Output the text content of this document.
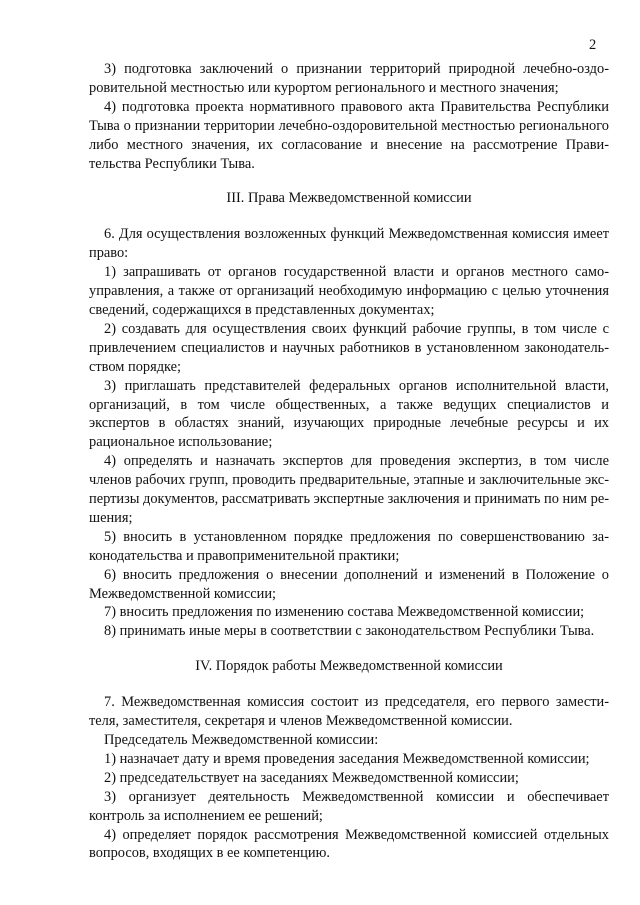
2

3) подготовка заключений о признании территорий природной лечебно-оздоровительной местностью или курортом регионального и местного значения;

4) подготовка проекта нормативного правового акта Правительства Республики Тыва о признании территории лечебно-оздоровительной местностью регионального либо местного значения, их согласование и внесение на рассмотрение Правительства Республики Тыва.

III. Права Межведомственной комиссии

6. Для осуществления возложенных функций Межведомственная комиссия имеет право:

1) запрашивать от органов государственной власти и органов местного самоуправления, а также от организаций необходимую информацию с целью уточнения сведений, содержащихся в представленных документах;

2) создавать для осуществления своих функций рабочие группы, в том числе с привлечением специалистов и научных работников в установленном законодательством порядке;

3) приглашать представителей федеральных органов исполнительной власти, организаций, в том числе общественных, а также ведущих специалистов и экспертов в областях знаний, изучающих природные лечебные ресурсы и их рациональное использование;

4) определять и назначать экспертов для проведения экспертиз, в том числе членов рабочих групп, проводить предварительные, этапные и заключительные экспертизы документов, рассматривать экспертные заключения и принимать по ним решения;

5) вносить в установленном порядке предложения по совершенствованию законодательства и правоприменительной практики;

6) вносить предложения о внесении дополнений и изменений в Положение о Межведомственной комиссии;

7) вносить предложения по изменению состава Межведомственной комиссии;

8) принимать иные меры в соответствии с законодательством Республики Тыва.

IV. Порядок работы Межведомственной комиссии

7. Межведомственная комиссия состоит из председателя, его первого заместителя, заместителя, секретаря и членов Межведомственной комиссии.

Председатель Межведомственной комиссии:

1) назначает дату и время проведения заседания Межведомственной комиссии;

2) председательствует на заседаниях Межведомственной комиссии;

3) организует деятельность Межведомственной комиссии и обеспечивает контроль за исполнением ее решений;

4) определяет порядок рассмотрения Межведомственной комиссией отдельных вопросов, входящих в ее компетенцию.
